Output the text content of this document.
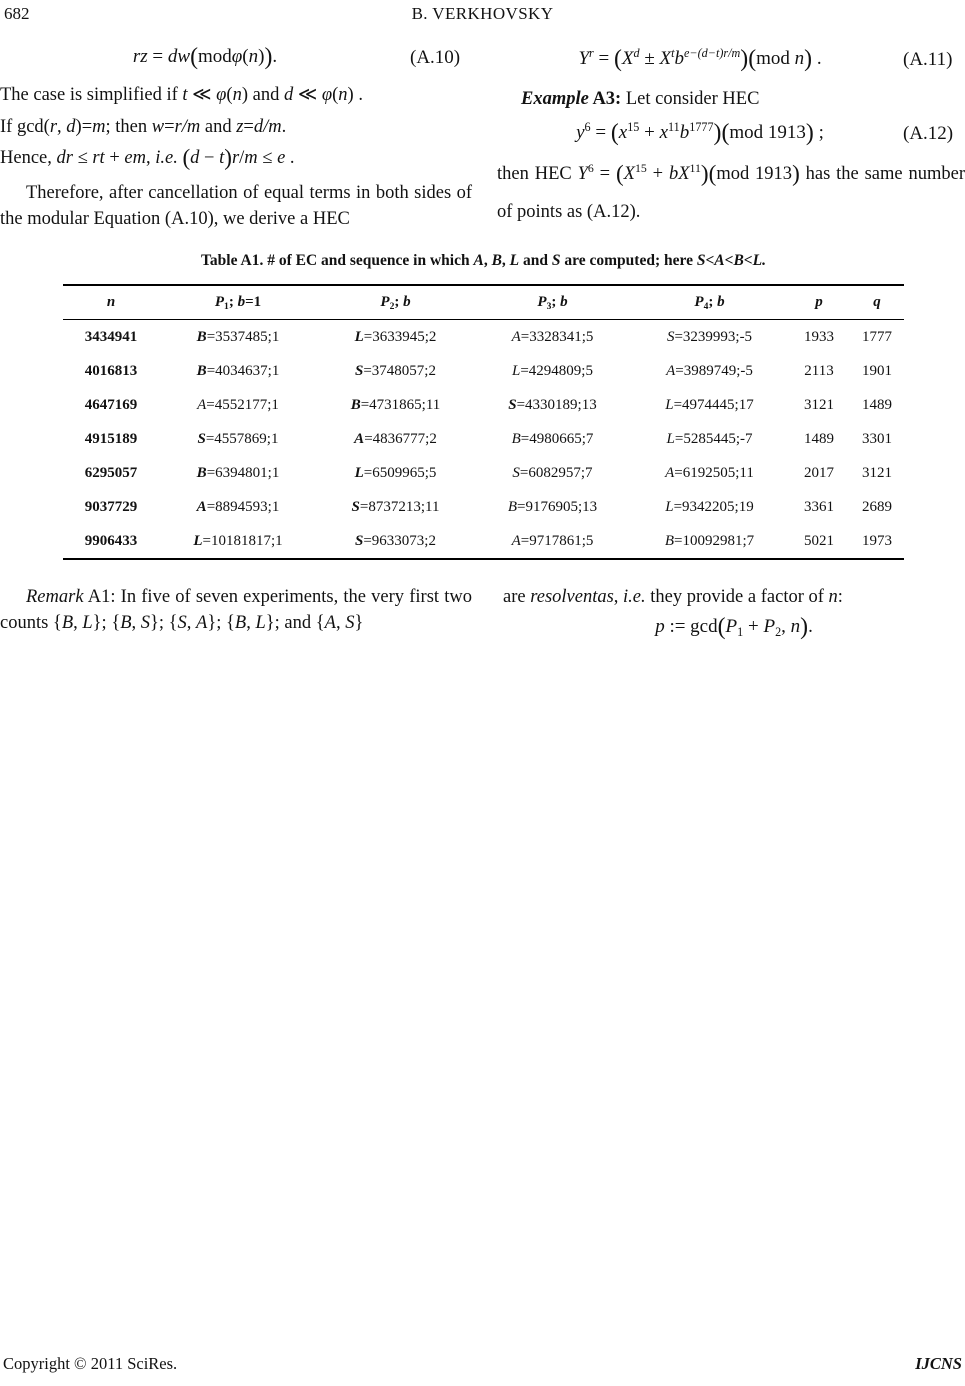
682	B. VERKHOVSKY
rz = dw(modφ(n)).	(A.10)
The case is simplified if t ≪ φ(n) and d ≪ φ(n) .
If gcd(r, d)=m; then w=r/m and z=d/m.
Hence, dr ≤ rt + em, i.e. (d − t)r/m ≤ e .
Therefore, after cancellation of equal terms in both sides of the modular Equation (A.10), we derive a HEC
$Y^r = (X^d \pm X^tb^{e-(d-t)r/m})(mod$ n) .	(A.11)
Example A3: Let consider HEC
$y^6 = (x^{15} + x^{11}b^{1777})(mod$ 1913) ;	(A.12)
then HEC $Y^6 = (X^{15} + bX^{11})(mod$ 1913) has the same number of points as (A.12).
Table A1. # of EC and sequence in which A, B, L and S are computed; here S<A<B<L.
n	P1; b=1	P2; b	P3; b	P4; b	p	q
3434941	B=3537485;1	L=3633945;2	A=3328341;5	S=3239993;-5	1933	1777
4016813	B=4034637;1	S=3748057;2	L=4294809;5	A=3989749;-5	2113	1901
4647169	A=4552177;1	B=4731865;11	S=4330189;13	L=4974445;17	3121	1489
4915189	S=4557869;1	A=4836777;2	B=4980665;7	L=5285445;-7	1489	3301
6295057	B=6394801;1	L=6509965;5	S=6082957;7	A=6192505;11	2017	3121
9037729	A=8894593;1	S=8737213;11	B=9176905;13	L=9342205;19	3361	2689
9906433	L=10181817;1	S=9633073;2	A=9717861;5	B=10092981;7	5021	1973
Remark A1: In five of seven experiments, the very first two counts {B, L}; {B, S}; {S, A}; {B, L}; and {A, S}
are resolventas, i.e. they provide a factor of n:
p := gcd(P1 + P2, n).
Copyright © 2011 SciRes.	IJCNS
